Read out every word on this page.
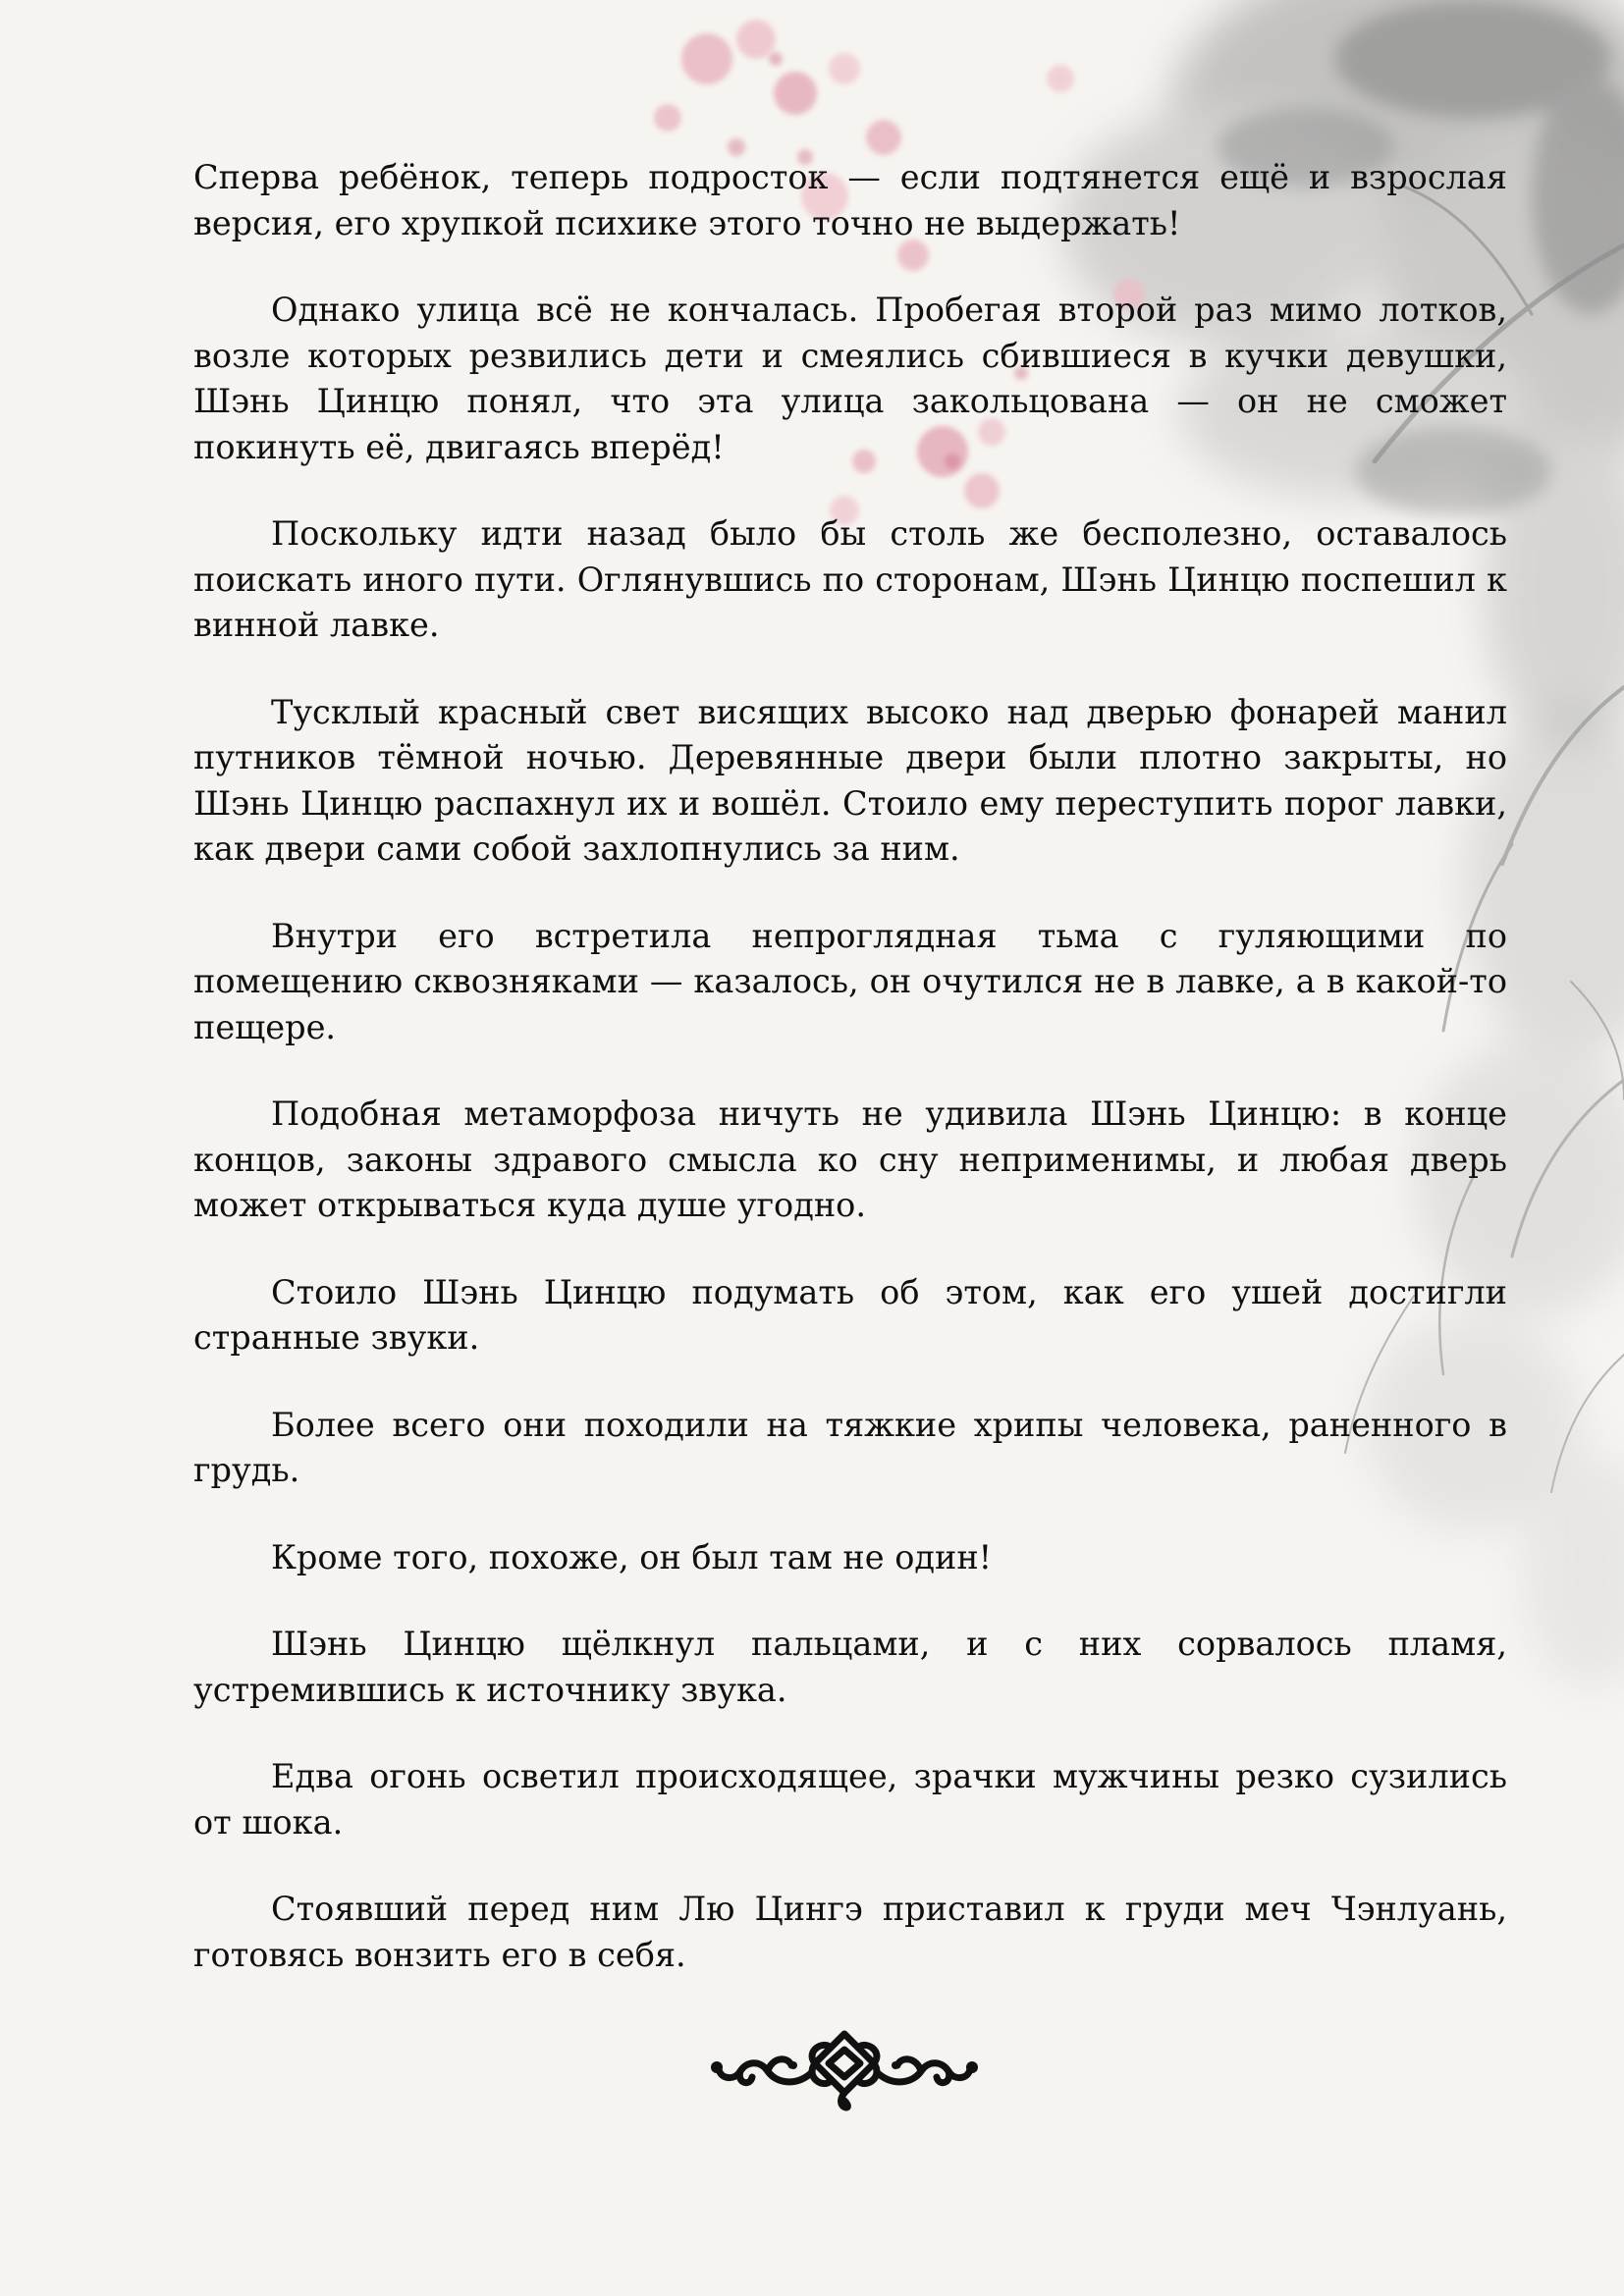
Сперва ребёнок, теперь подросток — если подтянется ещё и взрослая версия, его хрупкой психике этого точно не выдержать!

Однако улица всё не кончалась. Пробегая второй раз мимо лотков, возле которых резвились дети и смеялись сбившиеся в кучки девушки, Шэнь Цинцю понял, что эта улица закольцована — он не сможет покинуть её, двигаясь вперёд!

Поскольку идти назад было бы столь же бесполезно, оставалось поискать иного пути. Оглянувшись по сторонам, Шэнь Цинцю поспешил к винной лавке.

Тусклый красный свет висящих высоко над дверью фонарей манил путников тёмной ночью. Деревянные двери были плотно закрыты, но Шэнь Цинцю распахнул их и вошёл. Стоило ему переступить порог лавки, как двери сами собой захлопнулись за ним.

Внутри его встретила непроглядная тьма с гуляющими по помещению сквозняками — казалось, он очутился не в лавке, а в какой-то пещере.

Подобная метаморфоза ничуть не удивила Шэнь Цинцю: в конце концов, законы здравого смысла ко сну неприменимы, и любая дверь может открываться куда душе угодно.

Стоило Шэнь Цинцю подумать об этом, как его ушей достигли странные звуки.

Более всего они походили на тяжкие хрипы человека, раненного в грудь.

Кроме того, похоже, он был там не один!

Шэнь Цинцю щёлкнул пальцами, и с них сорвалось пламя, устремившись к источнику звука.

Едва огонь осветил происходящее, зрачки мужчины резко сузились от шока.

Стоявший перед ним Лю Цингэ приставил к груди меч Чэнлуань, готовясь вонзить его в себя.
